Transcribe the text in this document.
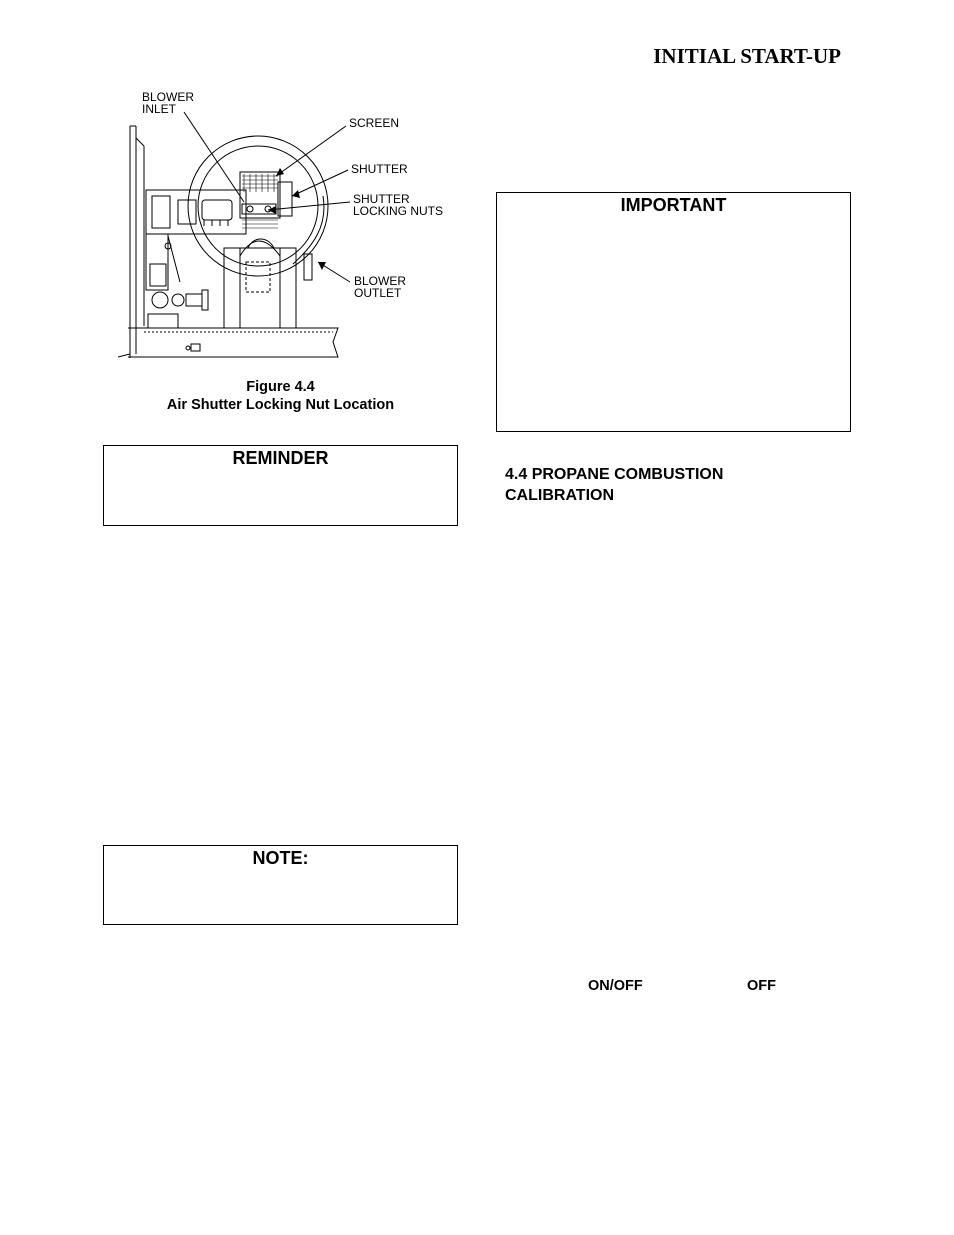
INITIAL START-UP
BLOWER
INLET
SCREEN
SHUTTER
SHUTTER
LOCKING NUTS
BLOWER
OUTLET
Figure 4.4
Air Shutter Locking Nut Location
REMINDER
NOTE:
IMPORTANT
4.4 PROPANE COMBUSTION
CALIBRATION
ON/OFF	OFF
